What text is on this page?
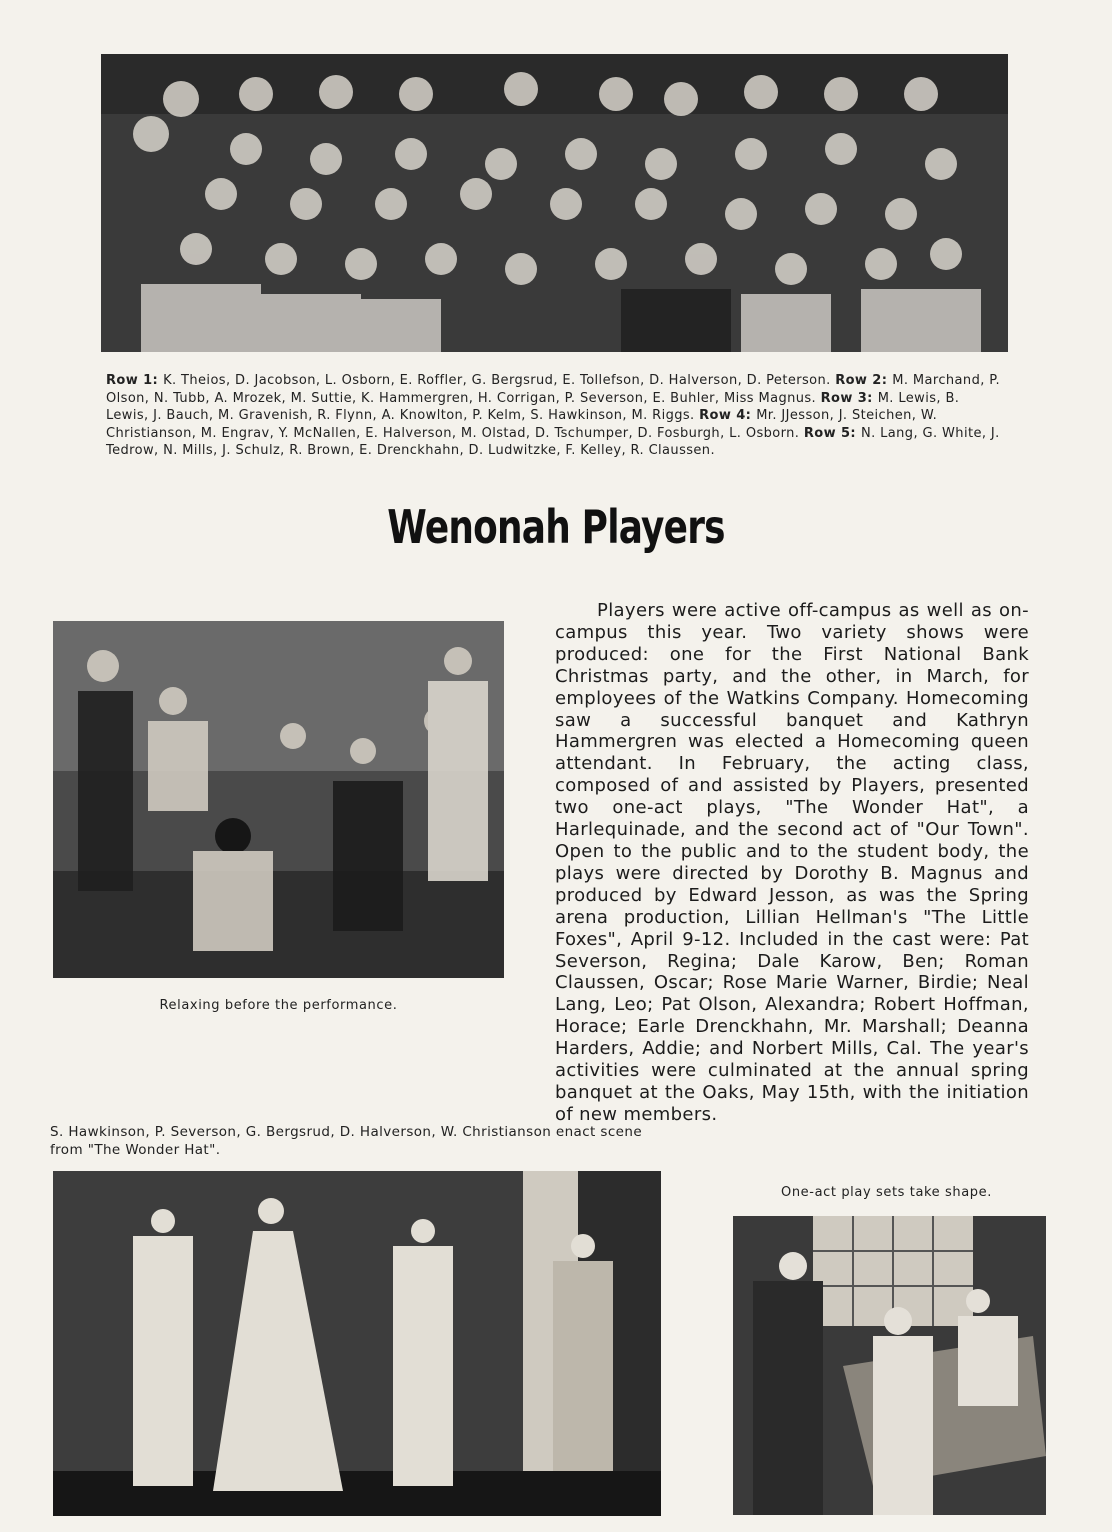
Row 1: K. Theios, D. Jacobson, L. Osborn, E. Roffler, G. Bergsrud, E. Tollefson, D. Halverson, D. Peterson. Row 2: M. Marchand, P. Olson, N. Tubb, A. Mrozek, M. Suttie, K. Hammergren, H. Corrigan, P. Severson, E. Buhler, Miss Magnus. Row 3: M. Lewis, B. Lewis, J. Bauch, M. Gravenish, R. Flynn, A. Knowlton, P. Kelm, S. Hawkinson, M. Riggs. Row 4: Mr. JJesson, J. Steichen, W. Christianson, M. Engrav, Y. McNallen, E. Halverson, M. Olstad, D. Tschumper, D. Fosburgh, L. Osborn. Row 5: N. Lang, G. White, J. Tedrow, N. Mills, J. Schulz, R. Brown, E. Drenckhahn, D. Ludwitzke, F. Kelley, R. Claussen.
Wenonah Players
Relaxing before the performance.

Players were active off-campus as well as on-campus this year. Two variety shows were produced: one for the First National Bank Christmas party, and the other, in March, for employees of the Watkins Company. Homecoming saw a successful banquet and Kathryn Hammergren was elected a Homecoming queen attendant. In February, the acting class, composed of and assisted by Players, presented two one-act plays, "The Wonder Hat", a Harlequinade, and the second act of "Our Town". Open to the public and to the student body, the plays were directed by Dorothy B. Magnus and produced by Edward Jesson, as was the Spring arena production, Lillian Hellman's "The Little Foxes", April 9-12. Included in the cast were: Pat Severson, Regina; Dale Karow, Ben; Roman Claussen, Oscar; Rose Marie Warner, Birdie; Neal Lang, Leo; Pat Olson, Alexandra; Robert Hoffman, Horace; Earle Drenckhahn, Mr. Marshall; Deanna Harders, Addie; and Norbert Mills, Cal. The year's activities were culminated at the annual spring banquet at the Oaks, May 15th, with the initiation of new members.

S. Hawkinson, P. Severson, G. Bergsrud, D. Halverson, W. Christianson enact scene from "The Wonder Hat".
One-act play sets take shape.
